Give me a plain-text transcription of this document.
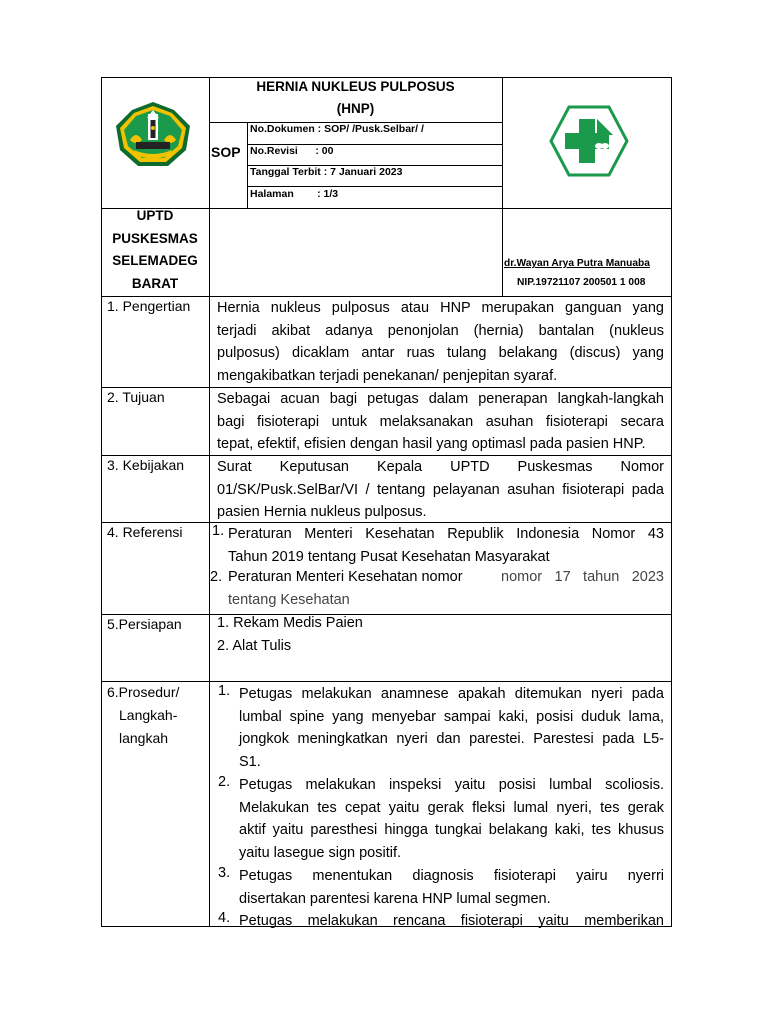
HERNIA NUKLEUS PULPOSUS
(HNP)
SOP
No.Dokumen : SOP/ /Pusk.Selbar/ /
No.Revisi      : 00
Tanggal Terbit : 7 Januari 2023
Halaman        : 1/3
UPTD
PUSKESMAS
SELEMADEG
BARAT
dr.Wayan Arya Putra Manuaba
NIP.19721107 200501 1 008
1. Pengertian Hernia nukleus pulposus atau HNP merupakan ganguan yang
terjadi akibat adanya penonjolan (hernia) bantalan (nukleus
pulposus) dicaklam antar ruas tulang belakang (discus) yang
mengakibatkan terjadi penekanan/ penjepitan syaraf.
2. Tujuan	Sebagai acuan bagi petugas dalam penerapan langkah-langkah
bagi fisioterapi untuk melaksanakan asuhan fisioterapi secara
tepat, efektif, efisien dengan hasil yang optimasl pada pasien HNP.
3. Kebijakan Surat Keputusan Kepala UPTD Puskesmas Nomor
01/SK/Pusk.SelBar/VI / tentang pelayanan asuhan fisioterapi pada
pasien Hernia nukleus pulposus.
4. Referensi 1. Peraturan Menteri Kesehatan Republik Indonesia Nomor 43
Tahun 2019 tentang Pusat Kesehatan Masyarakat
2. Peraturan Menteri Kesehatan nomor	nomor 17 tahun 2023
tentang Kesehatan
5.Persiapan 1. Rekam Medis Paien
2. Alat Tulis
6.Prosedur/
Langkah-
langkah
1. Petugas melakukan anamnese apakah ditemukan nyeri pada
lumbal spine yang menyebar sampai kaki, posisi duduk lama,
jongkok meningkatkan nyeri dan parestei. Parestesi pada L5-
S1.
2. Petugas melakukan inspeksi yaitu posisi lumbal scoliosis.
Melakukan tes cepat yaitu gerak fleksi lumal nyeri, tes gerak
aktif yaitu paresthesi hingga tungkai belakang kaki, tes khusus
yaitu lasegue sign positif.
3. Petugas menentukan diagnosis fisioterapi yairu nyerri
disertakan parentesi karena HNP lumal segmen.
4. Petugas melakukan rencana fisioterapi yaitu memberikan
